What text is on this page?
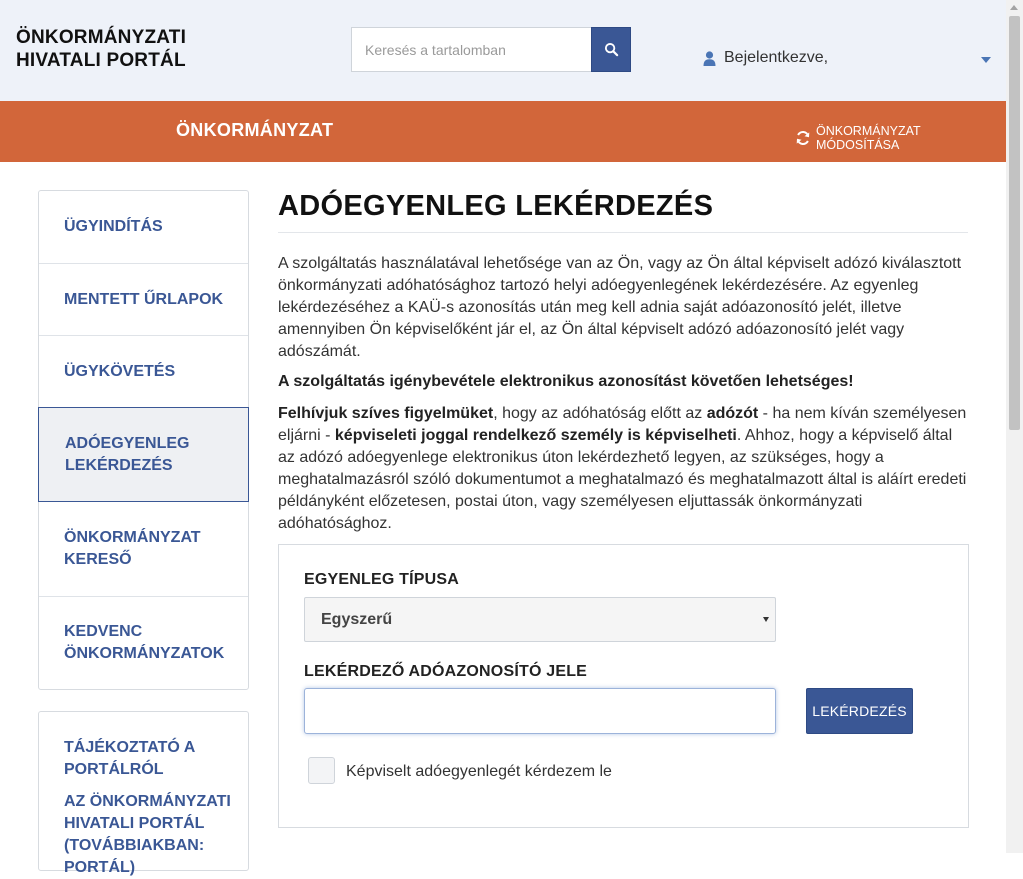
ÖNKORMÁNYZATI
HIVATALI PORTÁL
Keresés a tartalomban	Bejelentkezve,
ÖNKORMÁNYZAT	ÖNKORMÁNYZAT MÓDOSÍTÁSA
ÜGYINDÍTÁS
MENTETT ŰRLAPOK
ÜGYKÖVETÉS
ADÓEGYENLEG LEKÉRDEZÉS
ÖNKORMÁNYZAT KERESŐ
KEDVENC ÖNKORMÁNYZATOK
TÁJÉKOZTATÓ A PORTÁLRÓL
AZ ÖNKORMÁNYZATI HIVATALI PORTÁL (TOVÁBBIAKBAN: PORTÁL)
ADÓEGYENLEG LEKÉRDEZÉS

A szolgáltatás használatával lehetősége van az Ön, vagy az Ön által képviselt adózó kiválasztott önkormányzati adóhatósághoz tartozó helyi adóegyenlegének lekérdezésére. Az egyenleg lekérdezéséhez a KAÜ-s azonosítás után meg kell adnia saját adóazonosító jelét, illetve amennyiben Ön képviselőként jár el, az Ön által képviselt adózó adóazonosító jelét vagy adószámát.

A szolgáltatás igénybevétele elektronikus azonosítást követően lehetséges!

Felhívjuk szíves figyelmüket, hogy az adóhatóság előtt az adózót - ha nem kíván személyesen eljárni - képviseleti joggal rendelkező személy is képviselheti. Ahhoz, hogy a képviselő által az adózó adóegyenlege elektronikus úton lekérdezhető legyen, az szükséges, hogy a meghatalmazásról szóló dokumentumot a meghatalmazó és meghatalmazott által is aláírt eredeti példányként előzetesen, postai úton, vagy személyesen eljuttassák önkormányzati adóhatósághoz.

EGYENLEG TÍPUSA
Egyszerű
LEKÉRDEZŐ ADÓAZONOSÍTÓ JELE
LEKÉRDEZÉS
Képviselt adóegyenlegét kérdezem le
